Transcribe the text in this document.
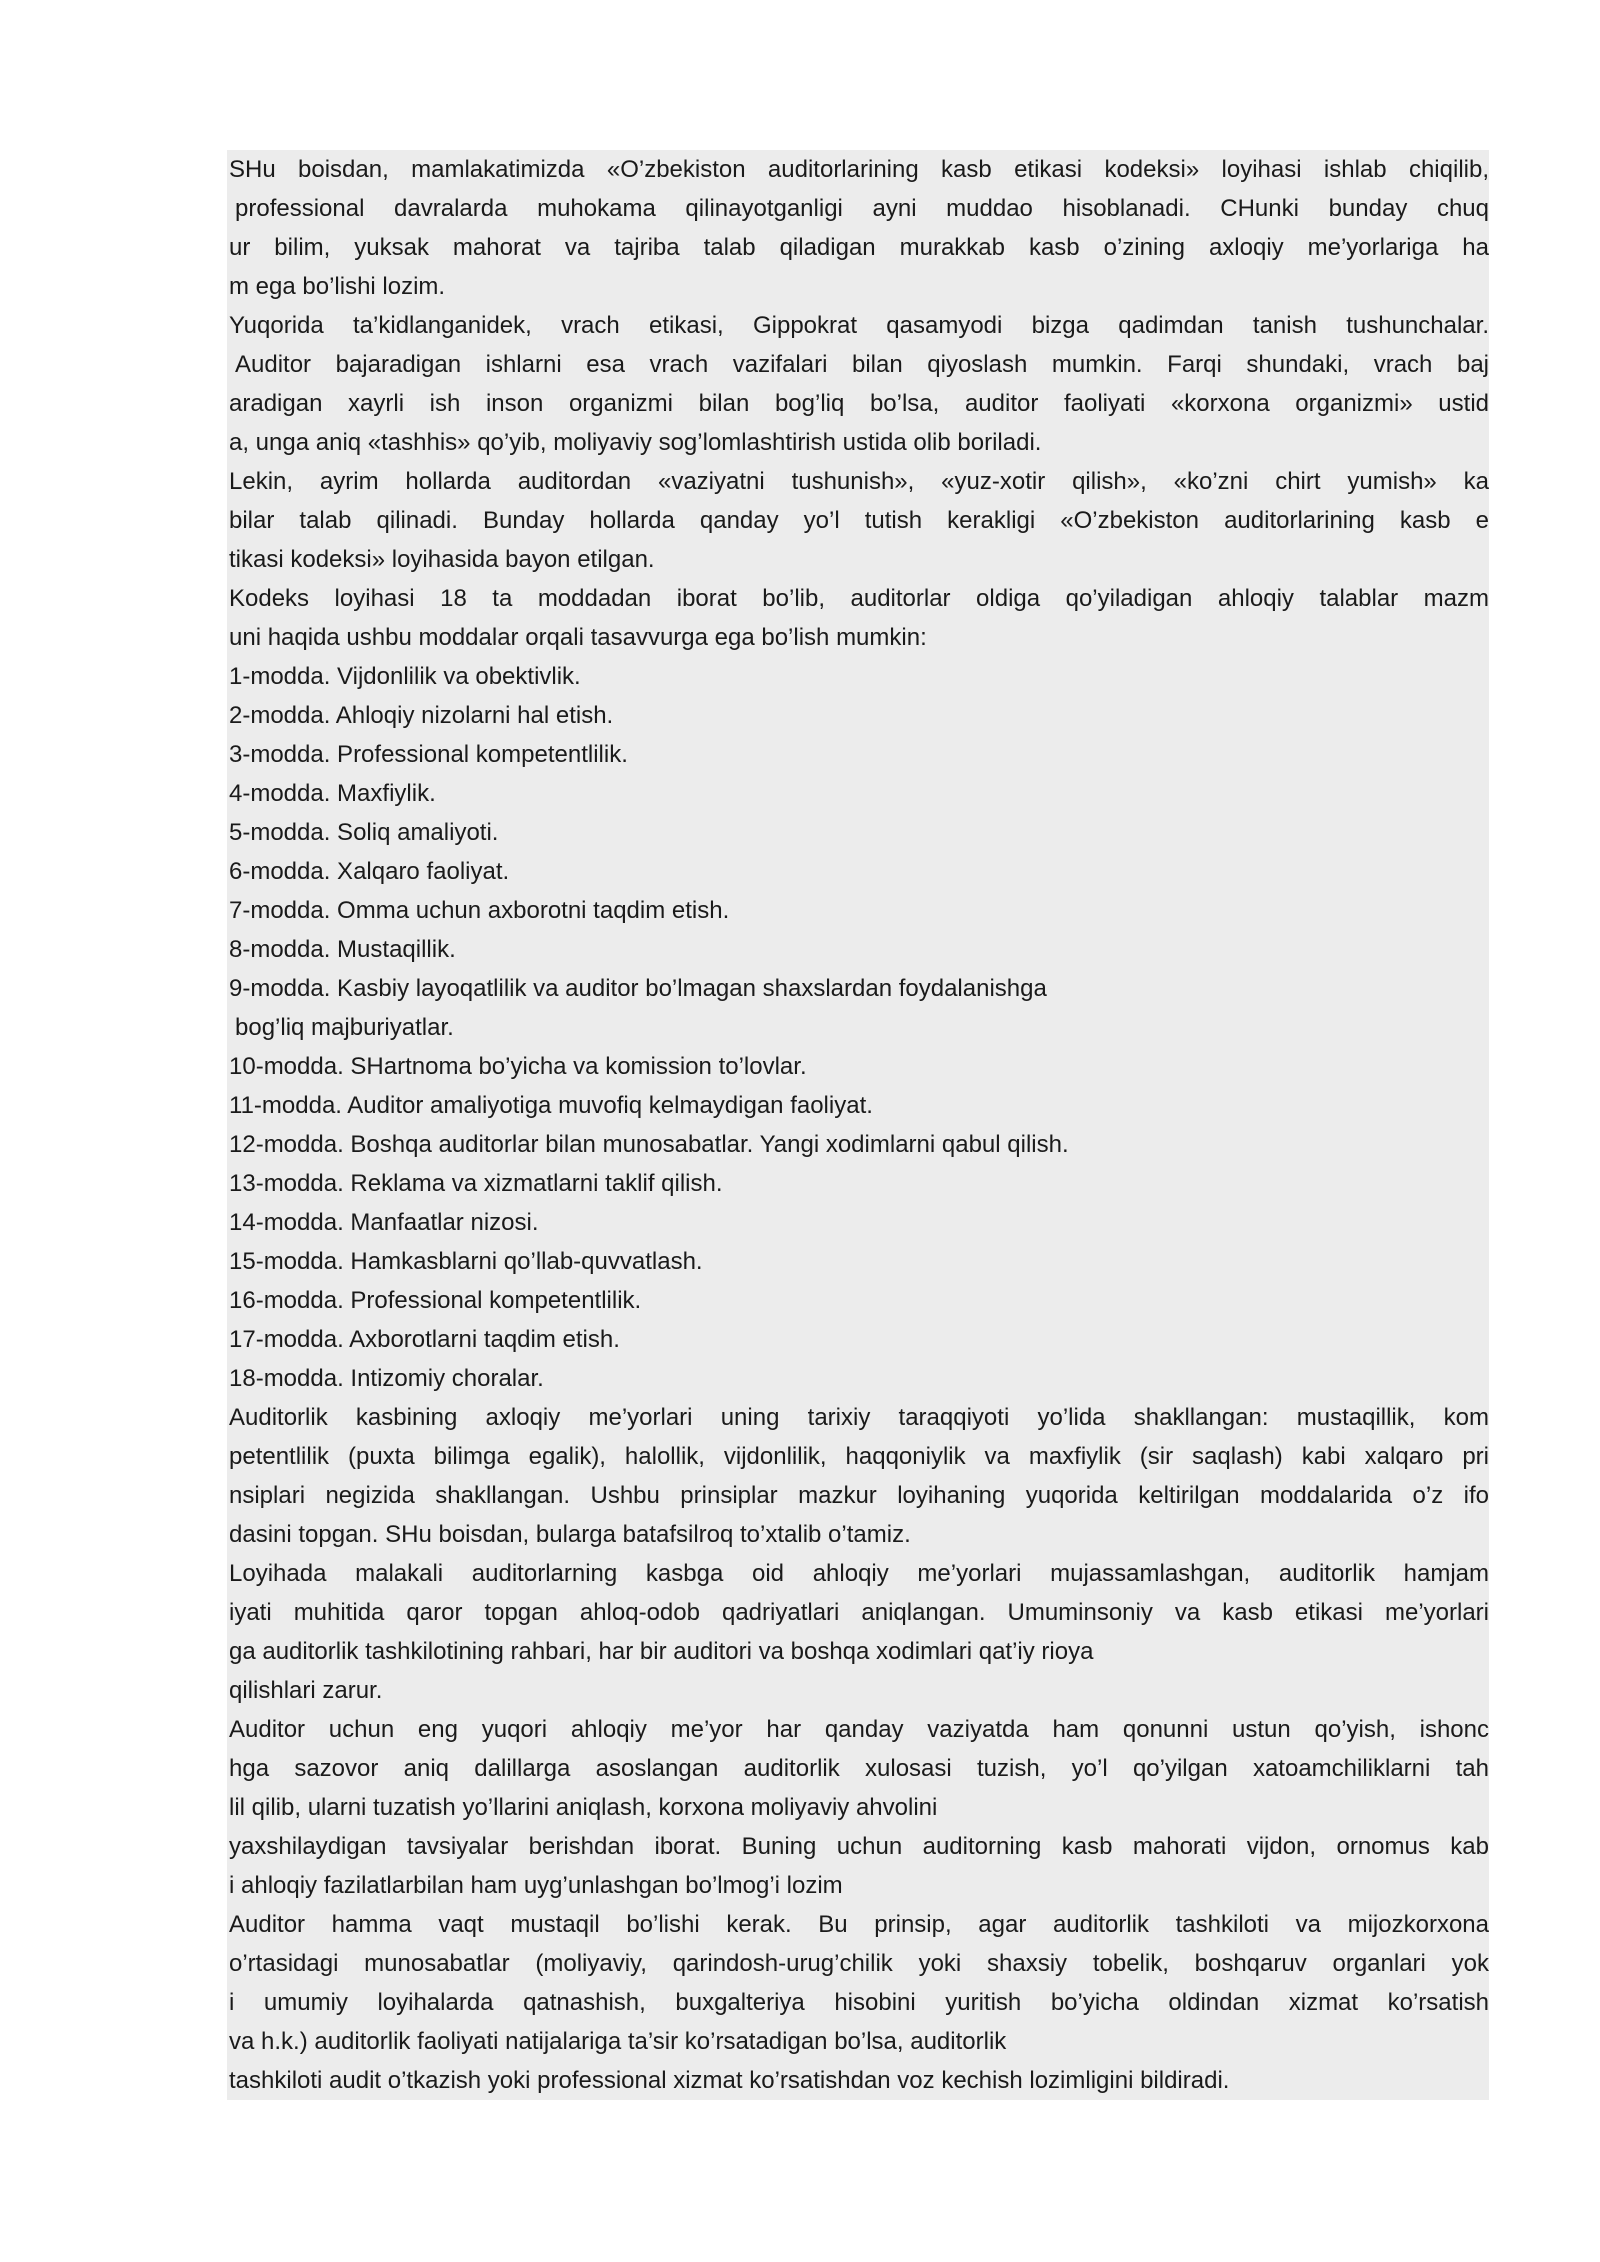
SHu boisdan, mamlakatimizda «O’zbekiston auditorlarining kasb etikasi kodeksi» loyihasi ishlab chiqilib,
professional davralarda muhokama qilinayotganligi ayni muddao hisoblanadi. CHunki bunday chuq
ur bilim, yuksak mahorat va tajriba talab qiladigan murakkab kasb o’zining axloqiy me’yorlariga ha
m ega bo’lishi lozim.
Yuqorida ta’kidlanganidek, vrach etikasi, Gippokrat qasamyodi bizga qadimdan tanish tushunchalar.
Auditor bajaradigan ishlarni esa vrach vazifalari bilan qiyoslash mumkin. Farqi shundaki, vrach baj
aradigan xayrli ish inson organizmi bilan bog’liq bo’lsa, auditor faoliyati «korxona organizmi» ustid
a, unga aniq «tashhis» qo’yib, moliyaviy sog’lomlashtirish ustida olib boriladi.
Lekin, ayrim hollarda auditordan «vaziyatni tushunish», «yuz-xotir qilish», «ko’zni chirt yumish» ka
bilar talab qilinadi. Bunday hollarda qanday yo’l tutish kerakligi «O’zbekiston auditorlarining kasb e
tikasi kodeksi» loyihasida bayon etilgan.
Kodeks loyihasi 18 ta moddadan iborat bo’lib, auditorlar oldiga qo’yiladigan ahloqiy talablar mazm
uni haqida ushbu moddalar orqali tasavvurga ega bo’lish mumkin:
1-modda. Vijdonlilik va obektivlik.
2-modda. Ahloqiy nizolarni hal etish.
3-modda. Professional kompetentlilik.
4-modda. Maxfiylik.
5-modda. Soliq amaliyoti.
6-modda. Xalqaro faoliyat.
7-modda. Omma uchun axborotni taqdim etish.
8-modda. Mustaqillik.
9-modda. Kasbiy layoqatlilik va auditor bo’lmagan shaxslardan foydalanishga
bog’liq majburiyatlar.
10-modda. SHartnoma bo’yicha va komission to’lovlar.
11-modda. Auditor amaliyotiga muvofiq kelmaydigan faoliyat.
12-modda. Boshqa auditorlar bilan munosabatlar. Yangi xodimlarni qabul qilish.
13-modda. Reklama va xizmatlarni taklif qilish.
14-modda. Manfaatlar nizosi.
15-modda. Hamkasblarni qo’llab-quvvatlash.
16-modda. Professional kompetentlilik.
17-modda. Axborotlarni taqdim etish.
18-modda. Intizomiy choralar.
Auditorlik kasbining axloqiy me’yorlari uning tarixiy taraqqiyoti yo’lida shakllangan: mustaqillik, kom
petentlilik (puxta bilimga egalik), halollik, vijdonlilik, haqqoniylik va maxfiylik (sir saqlash) kabi xalqaro pri
nsiplari negizida shakllangan. Ushbu prinsiplar mazkur loyihaning yuqorida keltirilgan moddalarida o’z ifo
dasini topgan. SHu boisdan, bularga batafsilroq to’xtalib o’tamiz.
Loyihada malakali auditorlarning kasbga oid ahloqiy me’yorlari mujassamlashgan, auditorlik hamjam
iyati muhitida qaror topgan ahloq-odob qadriyatlari aniqlangan. Umuminsoniy va kasb etikasi me’yorlari
ga auditorlik tashkilotining rahbari, har bir auditori va boshqa xodimlari qat’iy rioya
qilishlari zarur.
Auditor uchun eng yuqori ahloqiy me’yor har qanday vaziyatda ham qonunni ustun qo’yish, ishonc
hga sazovor aniq dalillarga asoslangan auditorlik xulosasi tuzish, yo’l qo’yilgan xatoamchiliklarni tah
lil qilib, ularni tuzatish yo’llarini aniqlash, korxona moliyaviy ahvolini
yaxshilaydigan tavsiyalar berishdan iborat. Buning uchun auditorning kasb mahorati vijdon, ornomus kab
i ahloqiy fazilatlarbilan ham uyg’unlashgan bo’lmog’i lozim
Auditor hamma vaqt mustaqil bo’lishi kerak. Bu prinsip, agar auditorlik tashkiloti va mijozkorxona
o’rtasidagi munosabatlar (moliyaviy, qarindosh-urug’chilik yoki shaxsiy tobelik, boshqaruv organlari yok
i umumiy loyihalarda qatnashish, buxgalteriya hisobini yuritish bo’yicha oldindan xizmat ko’rsatish
va h.k.) auditorlik faoliyati natijalariga ta’sir ko’rsatadigan bo’lsa, auditorlik
tashkiloti audit o’tkazish yoki professional xizmat ko’rsatishdan voz kechish lozimligini bildiradi.
